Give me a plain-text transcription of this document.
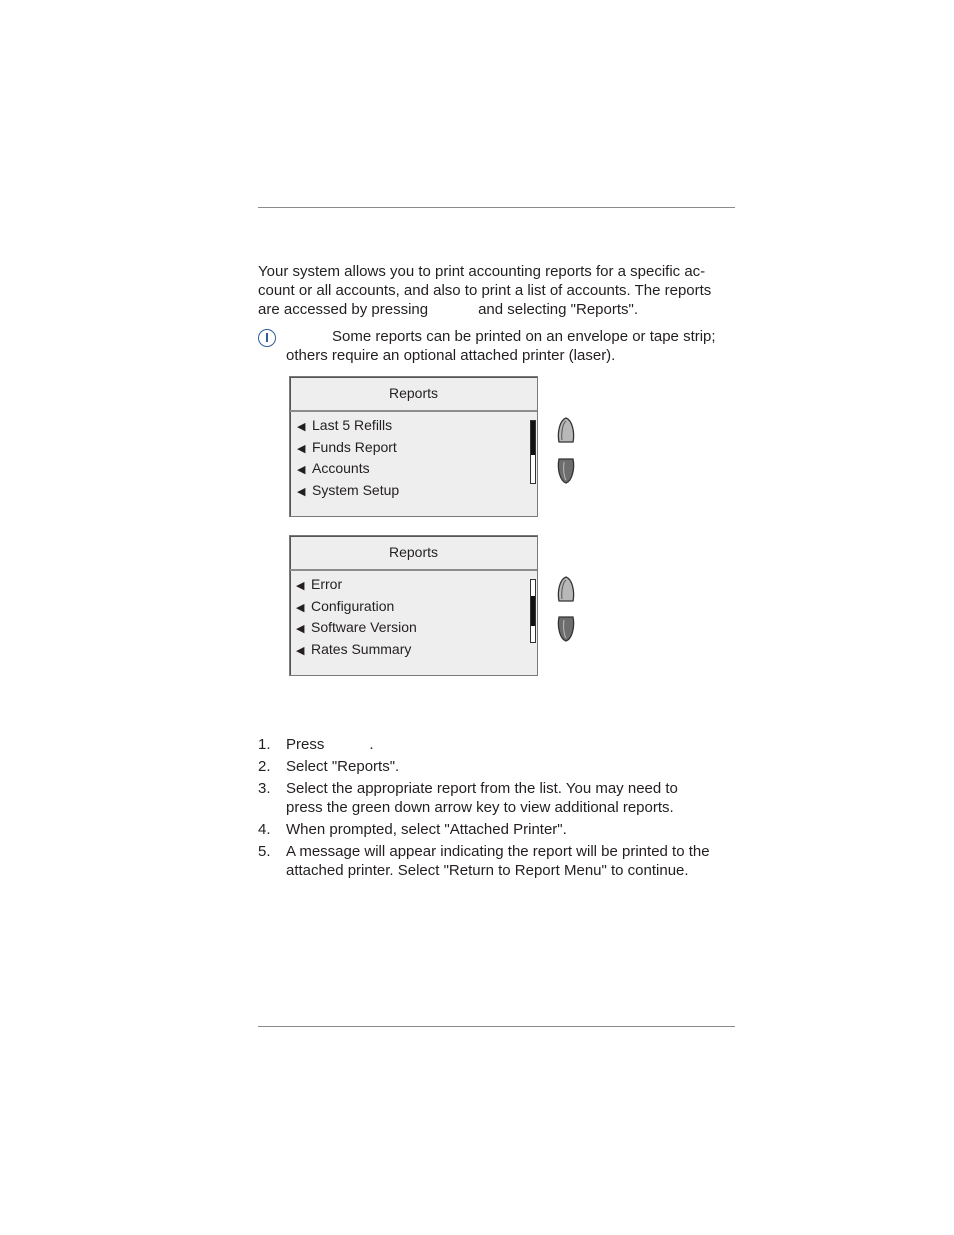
Your system allows you to print accounting reports for a specific ac-
count or all accounts, and also to print a list of accounts. The reports
are accessed by pressing	and selecting "Reports".

Some reports can be printed on an envelope or tape strip;
others require an optional attached printer (laser).

Reports
◀ Last 5 Refills
◀ Funds Report
◀ Accounts
◀ System Setup
Reports
◀ Error
◀ Configuration
◀ Software Version
◀ Rates Summary
1. Press	.
2. Select "Reports".
3. Select the appropriate report from the list. You may need to
press the green down arrow key to view additional reports.
4. When prompted, select "Attached Printer".
5. A message will appear indicating the report will be printed to the
attached printer. Select "Return to Report Menu" to continue.
